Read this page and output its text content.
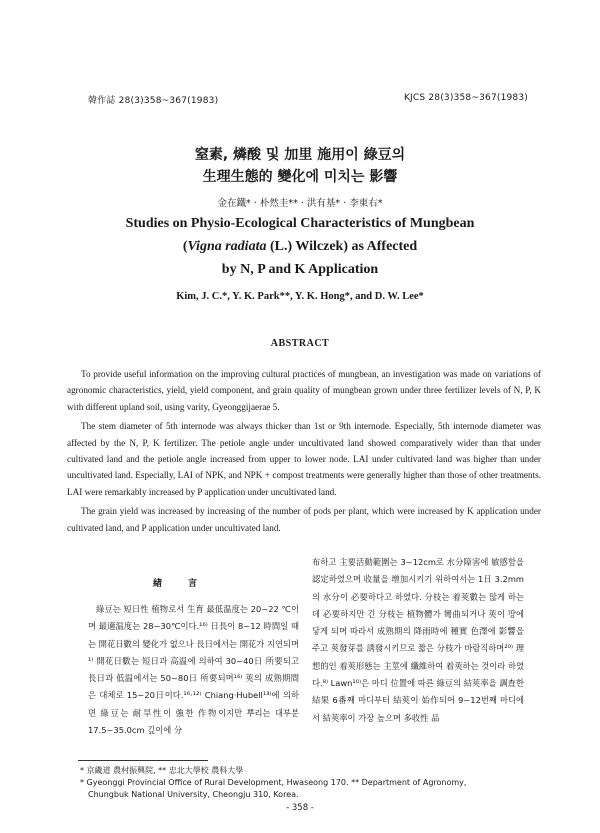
韓作誌 28(3)358~367(1983)	KJCS 28(3)358~367(1983)
窒素, 燐酸 및 加里 施用이 綠豆의
生理生態的 變化에 미치는 影響
金在鐵* · 朴然圭** · 洪有基* · 李東右*
Studies on Physio-Ecological Characteristics of Mungbean
(Vigna radiata (L.) Wilczek) as Affected
by N, P and K Application
Kim, J. C.*, Y. K. Park**, Y. K. Hong*, and D. W. Lee*
ABSTRACT

To provide useful information on the improving cultural practices of mungbean, an investigation was made on variations of agronomic characteristics, yield, yield component, and grain quality of mungbean grown under three fertilizer levels of N, P, K with different upland soil, using varity, Gyeonggijaerae 5.

The stem diameter of 5th internode was always thicker than 1st or 9th internode. Especially, 5th internode diameter was affected by the N, P, K fertilizer. The petiole angle under uncultivated land showed comparatively wider than that under cultivated land and the petiole angle increased from upper to lower node. LAI under cultivated land was higher than under uncultivated land. Especially, LAI of NPK, and NPK + compost treatments were generally higher than those of other treatments. LAI were remarkably increased by P application under uncultivated land.

The grain yield was increased by increasing of the number of pods per plant, which were increased by K application under cultivated land, and P application under uncultivated land.

緖言

綠豆는 短日性 植物로서 生育 最低温度는 20~22 ℃이며 最適温度는 28~30℃이다.¹⁶⁾ 日長이 8~12 時間일 때는 開花日數의 變化가 없으나 長日에서는 開花가 지연되며¹⁾ 開花日數는 短日과 高温에 의하여 30~40日 所要되고 長日과 低温에서는 50~80日 所要되며¹⁶⁾ 莢의 成熟期間은 대체로 15~20日이다.¹⁶·¹²⁾ Chiang·Hubell¹³⁾에 의하면 綠豆는 耐旱性이 強한 作物이지만 뿌리는 대부분 17.5~35.0cm 깊이에 分

布하고 主要活動範圍는 3~12cm로 水分障害에 敏感함을 認定하였으며 收量을 增加시키기 위하여서는 1日 3.2mm의 水分이 必要하다고 하였다. 分枝는 着莢數는 많게 하는데 必要하지만 긴 分枝는 植物體가 彎曲되거나 莢이 땅에 닿게 되며 따라서 成熟期의 降雨時에 種實 色澤에 影響을 주고 莢發芽를 誘發시키므로 짧은 分枝가 바람직하며²⁰⁾ 理想的인 着莢形態는 主莖에 纖維하여 着莢하는 것이라 하였다.⁸⁾ Lawn¹⁰⁾은 마디 位置에 따른 綠豆의 結莢率을 調査한 結果 6番째 마디부터 結莢이 始作되어 9~12번째 마디에서 結莢率이 가장 높으며 多收性 品

* 京畿道 農村振興院, ** 忠北大學校 農科大學
* Gyeonggi Provincial Office of Rural Development, Hwaseong 170. ** Department of Agronomy,
Chungbuk National University, Cheongju 310, Korea.
- 358 -
